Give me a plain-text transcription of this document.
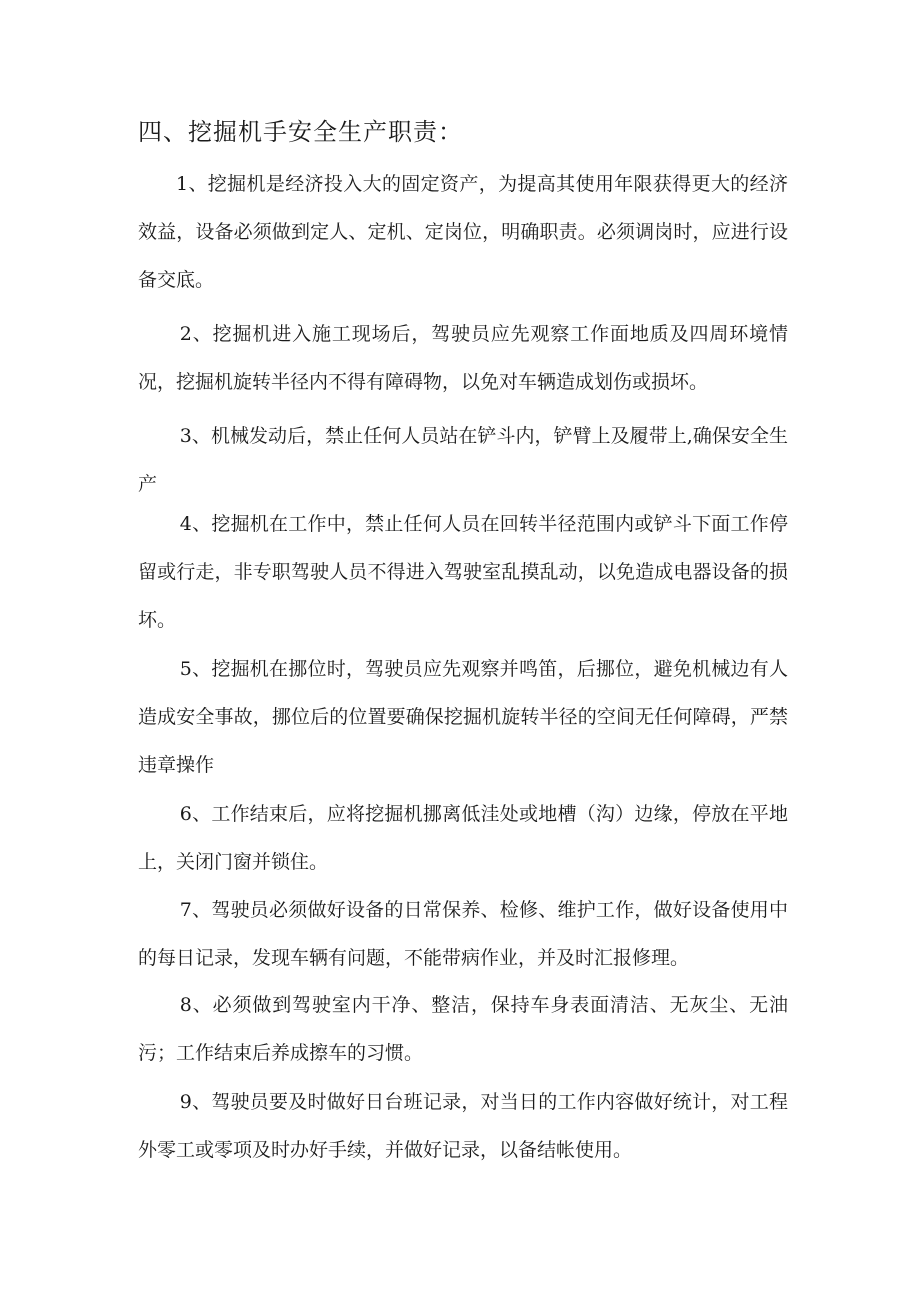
四、挖掘机手安全生产职责：

1、挖掘机是经济投入大的固定资产，为提高其使用年限获得更大的经济效益，设备必须做到定人、定机、定岗位，明确职责。必须调岗时，应进行设备交底。

2、挖掘机进入施工现场后，驾驶员应先观察工作面地质及四周环境情况，挖掘机旋转半径内不得有障碍物，以免对车辆造成划伤或损坏。

3、机械发动后，禁止任何人员站在铲斗内，铲臂上及履带上,确保安全生产

4、挖掘机在工作中，禁止任何人员在回转半径范围内或铲斗下面工作停留或行走，非专职驾驶人员不得进入驾驶室乱摸乱动，以免造成电器设备的损坏。

5、挖掘机在挪位时，驾驶员应先观察并鸣笛，后挪位，避免机械边有人造成安全事故，挪位后的位置要确保挖掘机旋转半径的空间无任何障碍，严禁违章操作

6、工作结束后，应将挖掘机挪离低洼处或地槽（沟）边缘，停放在平地上，关闭门窗并锁住。

7、驾驶员必须做好设备的日常保养、检修、维护工作，做好设备使用中的每日记录，发现车辆有问题，不能带病作业，并及时汇报修理。

8、必须做到驾驶室内干净、整洁，保持车身表面清洁、无灰尘、无油污；工作结束后养成擦车的习惯。

9、驾驶员要及时做好日台班记录，对当日的工作内容做好统计，对工程外零工或零项及时办好手续，并做好记录，以备结帐使用。
